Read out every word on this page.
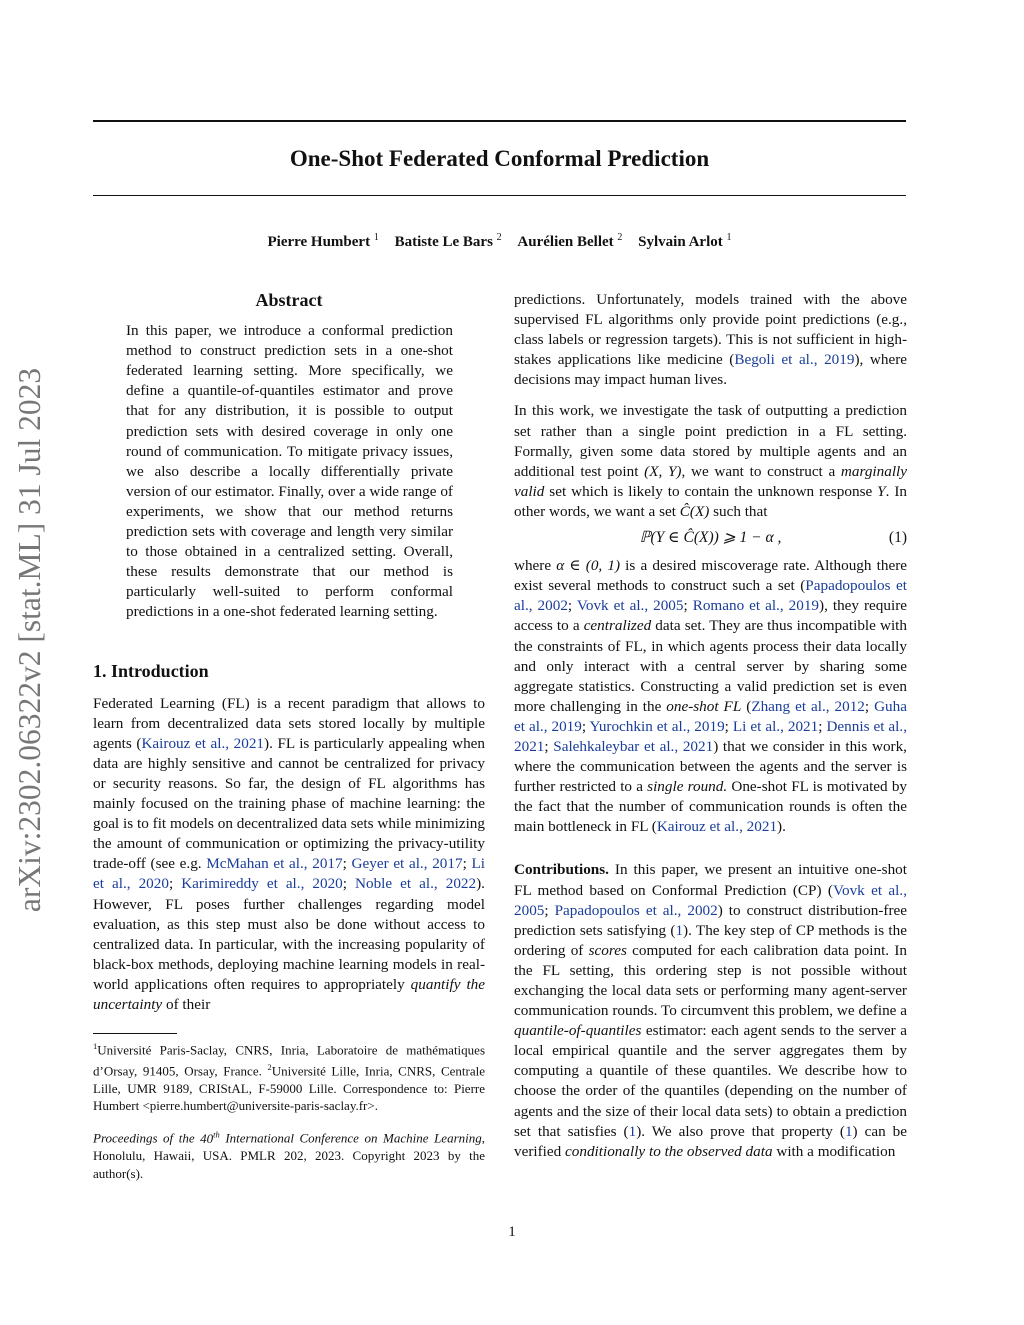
arXiv:2302.06322v2 [stat.ML] 31 Jul 2023
One-Shot Federated Conformal Prediction
Pierre Humbert $^1$ Batiste Le Bars $^2$ Aurélien Bellet $^2$ Sylvain Arlot $^1$
Abstract

In this paper, we introduce a conformal prediction method to construct prediction sets in a one-shot federated learning setting. More specifically, we define a quantile-of-quantiles estimator and prove that for any distribution, it is possible to output prediction sets with desired coverage in only one round of communication. To mitigate privacy issues, we also describe a locally differentially private version of our estimator. Finally, over a wide range of experiments, we show that our method returns prediction sets with coverage and length very similar to those obtained in a centralized setting. Overall, these results demonstrate that our method is particularly well-suited to perform conformal predictions in a one-shot federated learning setting.

1. Introduction

Federated Learning (FL) is a recent paradigm that allows to learn from decentralized data sets stored locally by multiple agents (Kairouz et al., 2021). FL is particularly appealing when data are highly sensitive and cannot be centralized for privacy or security reasons. So far, the design of FL algorithms has mainly focused on the training phase of machine learning: the goal is to fit models on decentralized data sets while minimizing the amount of communication or optimizing the privacy-utility trade-off (see e.g. McMahan et al., 2017; Geyer et al., 2017; Li et al., 2020; Karimireddy et al., 2020; Noble et al., 2022). However, FL poses further challenges regarding model evaluation, as this step must also be done without access to centralized data. In particular, with the increasing popularity of black-box methods, deploying machine learning models in real-world applications often requires to appropriately quantify the uncertainty of their

$^1$Université Paris-Saclay, CNRS, Inria, Laboratoire de mathématiques d’Orsay, 91405, Orsay, France. $^2$Université Lille, Inria, CNRS, Centrale Lille, UMR 9189, CRIStAL, F-59000 Lille. Correspondence to: Pierre Humbert <pierre.humbert@universite-paris-saclay.fr>.
Proceedings of the 40th International Conference on Machine Learning, Honolulu, Hawaii, USA. PMLR 202, 2023. Copyright 2023 by the author(s).

predictions. Unfortunately, models trained with the above supervised FL algorithms only provide point predictions (e.g., class labels or regression targets). This is not sufficient in high-stakes applications like medicine (Begoli et al., 2019), where decisions may impact human lives.

In this work, we investigate the task of outputting a prediction set rather than a single point prediction in a FL setting. Formally, given some data stored by multiple agents and an additional test point (X, Y), we want to construct a marginally valid set which is likely to contain the unknown response Y. In other words, we want a set Ĉ(X) such that

ℙ(Y ∈ Ĉ(X)) ⩾ 1 − α ,	(1)

where α ∈ (0, 1) is a desired miscoverage rate. Although there exist several methods to construct such a set (Papadopoulos et al., 2002; Vovk et al., 2005; Romano et al., 2019), they require access to a centralized data set. They are thus incompatible with the constraints of FL, in which agents process their data locally and only interact with a central server by sharing some aggregate statistics. Constructing a valid prediction set is even more challenging in the one-shot FL (Zhang et al., 2012; Guha et al., 2019; Yurochkin et al., 2019; Li et al., 2021; Dennis et al., 2021; Salehkaleybar et al., 2021) that we consider in this work, where the communication between the agents and the server is further restricted to a single round. One-shot FL is motivated by the fact that the number of communication rounds is often the main bottleneck in FL (Kairouz et al., 2021).

Contributions. In this paper, we present an intuitive one-shot FL method based on Conformal Prediction (CP) (Vovk et al., 2005; Papadopoulos et al., 2002) to construct distribution-free prediction sets satisfying (1). The key step of CP methods is the ordering of scores computed for each calibration data point. In the FL setting, this ordering step is not possible without exchanging the local data sets or performing many agent-server communication rounds. To circumvent this problem, we define a quantile-of-quantiles estimator: each agent sends to the server a local empirical quantile and the server aggregates them by computing a quantile of these quantiles. We describe how to choose the order of the quantiles (depending on the number of agents and the size of their local data sets) to obtain a prediction set that satisfies (1). We also prove that property (1) can be verified conditionally to the observed data with a modification

1
